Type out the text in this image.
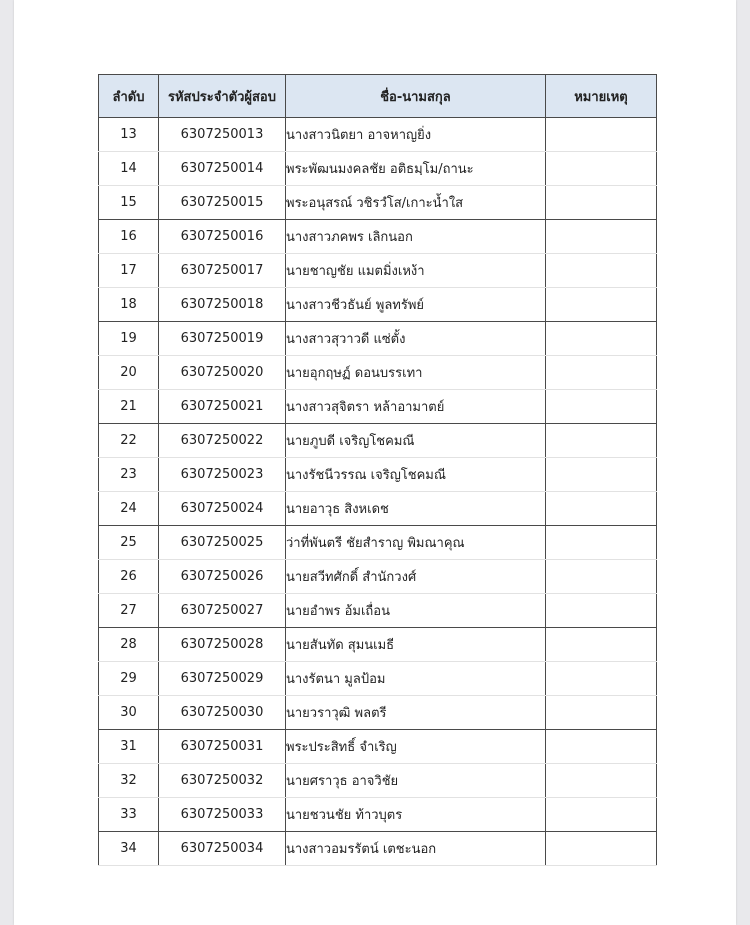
ลำดับ	รหัสประจำตัวผู้สอบ	ชื่อ-นามสกุล	หมายเหตุ
13	6307250013	นางสาวนิตยา อาจหาญยิ่ง	
14	6307250014	พระพัฒนมงคลชัย อติธมฺโม/ถานะ	
15	6307250015	พระอนุสรณ์ วชิรวํโส/เกาะน้ำใส	
16	6307250016	นางสาวภคพร เลิกนอก	
17	6307250017	นายชาญชัย แมตมิ่งเหง้า	
18	6307250018	นางสาวชีวธันย์ พูลทรัพย์	
19	6307250019	นางสาวสุวาวดี แซ่ตั้ง	
20	6307250020	นายอุกฤษฏ์ ดอนบรรเทา	
21	6307250021	นางสาวสุจิตรา หล้าอามาตย์	
22	6307250022	นายภูบดี เจริญโชคมณี	
23	6307250023	นางรัชนีวรรณ เจริญโชคมณี	
24	6307250024	นายอาวุธ สิงหเดช	
25	6307250025	ว่าที่พันตรี ชัยสำราญ พิมณาคุณ	
26	6307250026	นายสวีทศักดิ์ สำนักวงศ์	
27	6307250027	นายอำพร อ้มเถื่อน	
28	6307250028	นายสันทัด สุมนเมธี	
29	6307250029	นางรัตนา มูลป้อม	
30	6307250030	นายวราวุฒิ พลตรี	
31	6307250031	พระประสิทธิ์ จำเริญ	
32	6307250032	นายศราวุธ อาจวิชัย	
33	6307250033	นายชวนชัย ท้าวบุตร	
34	6307250034	นางสาวอมรรัตน์ เตชะนอก	
